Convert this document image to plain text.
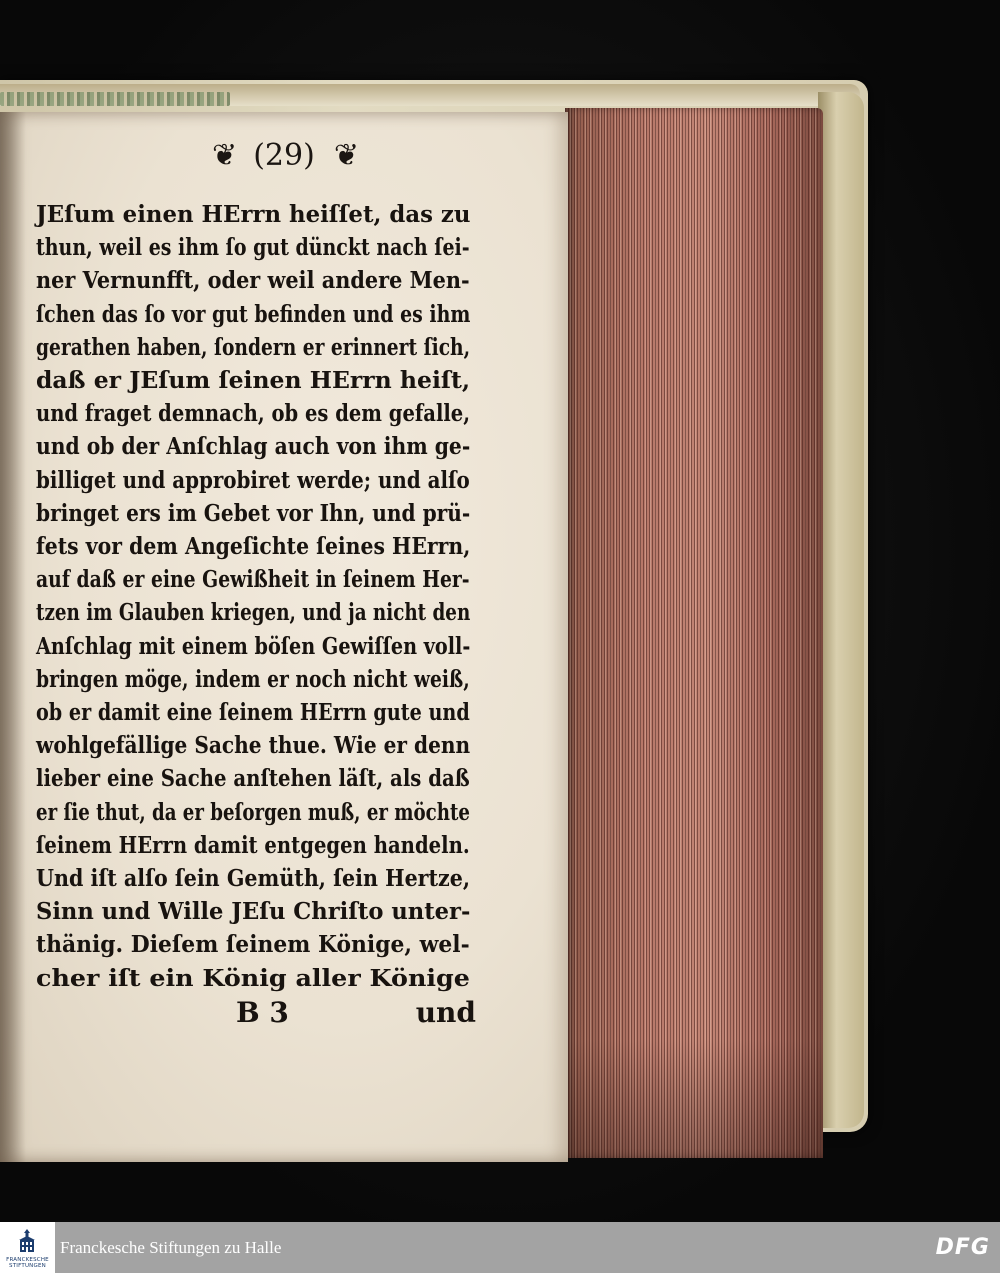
❦ (29) ❦
JEſum einen HErrn heiſſet, das zu
thun, weil es ihm ſo gut dünckt nach ſei-
ner Vernunfft, oder weil andere Men-
ſchen das ſo vor gut befinden und es ihm
gerathen haben, ſondern er erinnert ſich,
daß er JEſum ſeinen HErrn heiſt,
und fraget demnach, ob es dem gefalle,
und ob der Anſchlag auch von ihm ge-
billiget und approbiret werde; und alſo
bringet ers im Gebet vor Ihn, und prü-
fets vor dem Angeſichte ſeines HErrn,
auf daß er eine Gewißheit in ſeinem Her-
tzen im Glauben kriegen, und ja nicht den
Anſchlag mit einem böſen Gewiſſen voll-
bringen möge, indem er noch nicht weiß,
ob er damit eine ſeinem HErrn gute und
wohlgefällige Sache thue. Wie er denn
lieber eine Sache anſtehen läſt, als daß
er ſie thut, da er beſorgen muß, er möchte
ſeinem HErrn damit entgegen handeln.
Und iſt alſo ſein Gemüth, ſein Hertze,
Sinn und Wille JEſu Chriſto unter-
thänig. Dieſem ſeinem Könige, wel-
cher iſt ein König aller Könige
B 3	und
FRANCKESCHE
STIFTUNGEN
Franckesche Stiftungen zu Halle	DFG
